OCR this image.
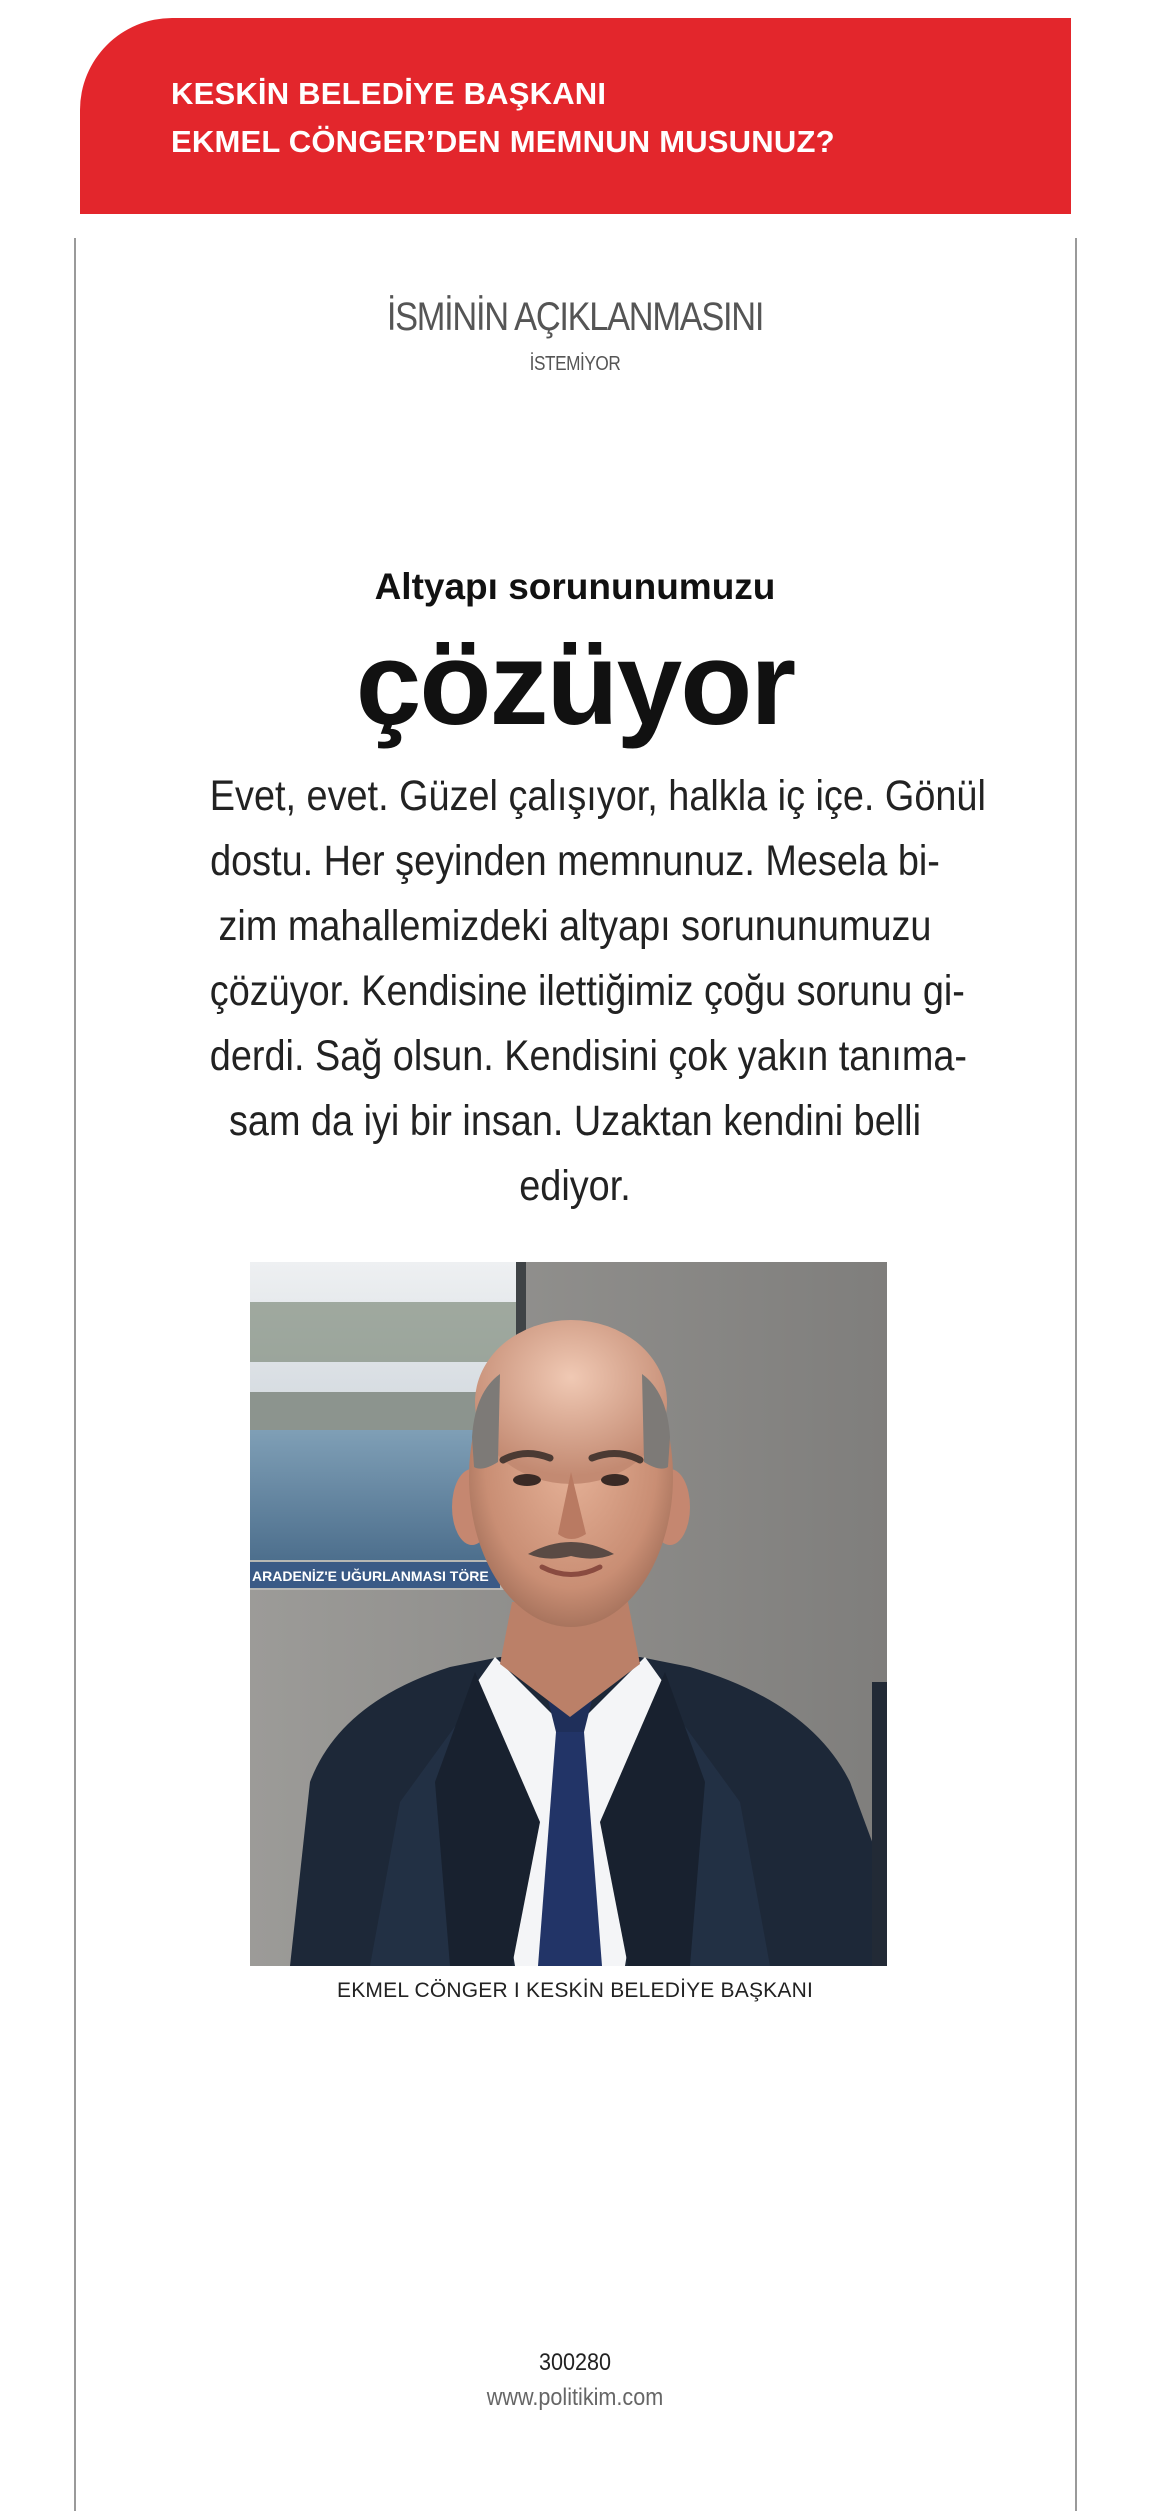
KESKİN BELEDİYE BAŞKANI
EKMEL CÖNGER’DEN MEMNUN MUSUNUZ?
İSMİNİN AÇIKLANMASINI
İSTEMİYOR
Altyapı sorununumuzu
çözüyor
Evet, evet. Güzel çalışıyor, halkla iç içe. Gönül
dostu. Her şeyinden memnunuz. Mesela bi-
zim mahallemizdeki altyapı sorununumuzu
çözüyor. Kendisine ilettiğimiz çoğu sorunu gi-
derdi. Sağ olsun. Kendisini çok yakın tanıma-
sam da iyi bir insan. Uzaktan kendini belli
ediyor.
ARADENİZ'E UĞURLANMASI TÖRE
EKMEL CÖNGER I KESKİN BELEDİYE BAŞKANI
300280
www.politikim.com
